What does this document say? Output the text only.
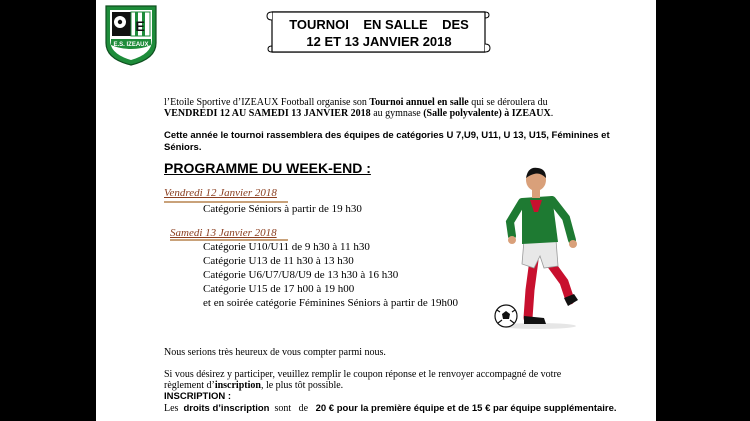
E
E.S. IZEAUX
TOURNOI    EN SALLE    DES
12 ET 13 JANVIER 2018
l’Etoile Sportive d’IZEAUX Football organise son Tournoi annuel en salle qui se déroulera du
VENDREDI 12 AU SAMEDI 13 JANVIER 2018 au gymnase (Salle polyvalente) à IZEAUX.
Cette année le tournoi rassemblera des équipes de catégories U 7,U9, U11, U 13, U15, Féminines et
Séniors.
PROGRAMME DU WEEK-END :
Vendredi 12 Janvier 2018
Catégorie Séniors à partir de 19 h30
Samedi 13 Janvier 2018
Catégorie U10/U11 de 9 h30 à 11 h30
Catégorie U13 de 11 h30 à 13 h30
Catégorie U6/U7/U8/U9 de 13 h30 à 16 h30
Catégorie U15 de 17 h00 à 19 h00
et en soirée catégorie Féminines Séniors à partir de 19h00
Nous serions très heureux de vous compter parmi nous.
Si vous désirez y participer, veuillez remplir le coupon réponse et le renvoyer accompagné de votre
règlement d’inscription, le plus tôt possible.
INSCRIPTION :
Les  droits d’inscription  sont   de   20 € pour la première équipe et de 15 € par équipe supplémentaire.
